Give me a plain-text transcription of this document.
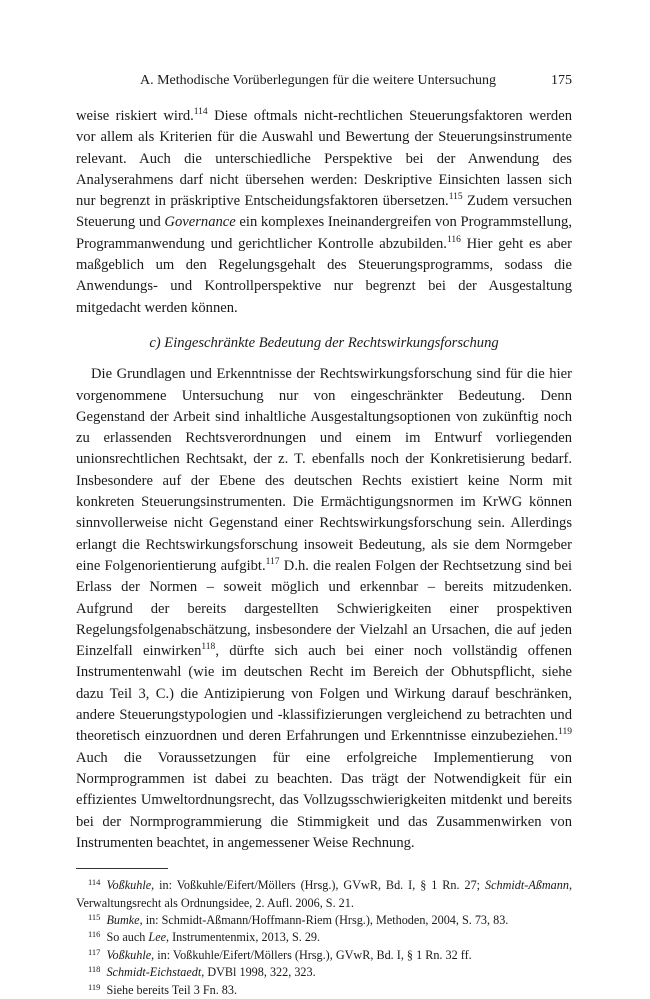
A. Methodische Vorüberlegungen für die weitere Untersuchung	175

weise riskiert wird.$^{114}$ Diese oftmals nicht-rechtlichen Steuerungsfaktoren werden vor allem als Kriterien für die Auswahl und Bewertung der Steuerungsinstrumente relevant. Auch die unterschiedliche Perspektive bei der Anwendung des Analyserahmens darf nicht übersehen werden: Deskriptive Einsichten lassen sich nur begrenzt in präskriptive Entscheidungsfaktoren übersetzen.$^{115}$ Zudem versuchen Steuerung und Governance ein komplexes Ineinandergreifen von Programmstellung, Programmanwendung und gerichtlicher Kontrolle abzubilden.$^{116}$ Hier geht es aber maßgeblich um den Regelungsgehalt des Steuerungsprogramms, sodass die Anwendungs- und Kontrollperspektive nur begrenzt bei der Ausgestaltung mitgedacht werden können.

c) Eingeschränkte Bedeutung der Rechtswirkungsforschung

Die Grundlagen und Erkenntnisse der Rechtswirkungsforschung sind für die hier vorgenommene Untersuchung nur von eingeschränkter Bedeutung. Denn Gegenstand der Arbeit sind inhaltliche Ausgestaltungsoptionen von zukünftig noch zu erlassenden Rechtsverordnungen und einem im Entwurf vorliegenden unionsrechtlichen Rechtsakt, der z. T. ebenfalls noch der Konkretisierung bedarf. Insbesondere auf der Ebene des deutschen Rechts existiert keine Norm mit konkreten Steuerungsinstrumenten. Die Ermächtigungsnormen im KrWG können sinnvollerweise nicht Gegenstand einer Rechtswirkungsforschung sein. Allerdings erlangt die Rechtswirkungsforschung insoweit Bedeutung, als sie dem Normgeber eine Folgenorientierung aufgibt.$^{117}$ D.h. die realen Folgen der Rechtsetzung sind bei Erlass der Normen – soweit möglich und erkennbar – bereits mitzudenken. Aufgrund der bereits dargestellten Schwierigkeiten einer prospektiven Regelungsfolgenabschätzung, insbesondere der Vielzahl an Ursachen, die auf jeden Einzelfall einwirken$^{118}$, dürfte sich auch bei einer noch vollständig offenen Instrumentenwahl (wie im deutschen Recht im Bereich der Obhutspflicht, siehe dazu Teil 3, C.) die Antizipierung von Folgen und Wirkung darauf beschränken, andere Steuerungstypologien und -klassifizierungen vergleichend zu betrachten und theoretisch einzuordnen und deren Erfahrungen und Erkenntnisse einzubeziehen.$^{119}$ Auch die Voraussetzungen für eine erfolgreiche Implementierung von Normprogrammen ist dabei zu beachten. Das trägt der Notwendigkeit für ein effizientes Umweltordnungsrecht, das Vollzugsschwierigkeiten mitdenkt und bereits bei der Normprogrammierung die Stimmigkeit und das Zusammenwirken von Instrumenten beachtet, in angemessener Weise Rechnung.

$^{114}$ Voßkuhle, in: Voßkuhle/Eifert/Möllers (Hrsg.), GVwR, Bd. I, § 1 Rn. 27; Schmidt-Aßmann, Verwaltungsrecht als Ordnungsidee, 2. Aufl. 2006, S. 21.
$^{115}$ Bumke, in: Schmidt-Aßmann/Hoffmann-Riem (Hrsg.), Methoden, 2004, S. 73, 83.
$^{116}$ So auch Lee, Instrumentenmix, 2013, S. 29.
$^{117}$ Voßkuhle, in: Voßkuhle/Eifert/Möllers (Hrsg.), GVwR, Bd. I, § 1 Rn. 32 ff.
$^{118}$ Schmidt-Eichstaedt, DVBl 1998, 322, 323.
$^{119}$ Siehe bereits Teil 3 Fn. 83.
